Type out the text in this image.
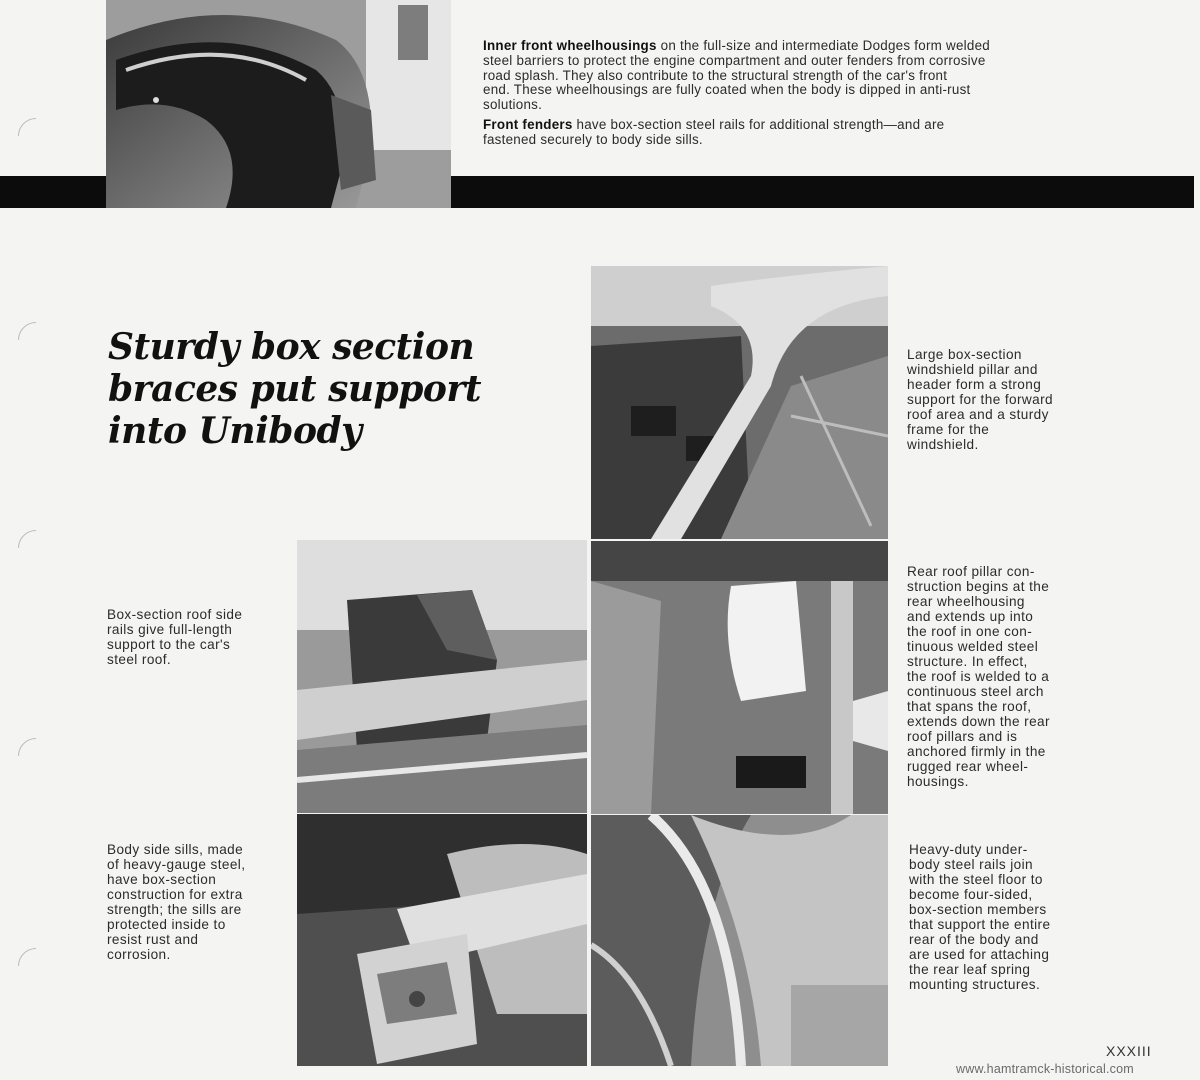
Inner front wheelhousings on the full-size and intermediate Dodges form welded
steel barriers to protect the engine compartment and outer fenders from corrosive
road splash. They also contribute to the structural strength of the car's front
end. These wheelhousings are fully coated when the body is dipped in anti-rust
solutions.

Front fenders have box-section steel rails for additional strength—and are
fastened securely to body side sills.

Sturdy box section
braces put support
into Unibody
Large box-section
windshield pillar and
header form a strong
support for the forward
roof area and a sturdy
frame for the
windshield.
Box-section roof side
rails give full-length
support to the car's
steel roof.
Rear roof pillar con-
struction begins at the
rear wheelhousing
and extends up into
the roof in one con-
tinuous welded steel
structure. In effect,
the roof is welded to a
continuous steel arch
that spans the roof,
extends down the rear
roof pillars and is
anchored firmly in the
rugged rear wheel-
housings.
Body side sills, made
of heavy-gauge steel,
have box-section
construction for extra
strength; the sills are
protected inside to
resist rust and
corrosion.
Heavy-duty under-
body steel rails join
with the steel floor to
become four-sided,
box-section members
that support the entire
rear of the body and
are used for attaching
the rear leaf spring
mounting structures.
XXXIII
www.hamtramck-historical.com
